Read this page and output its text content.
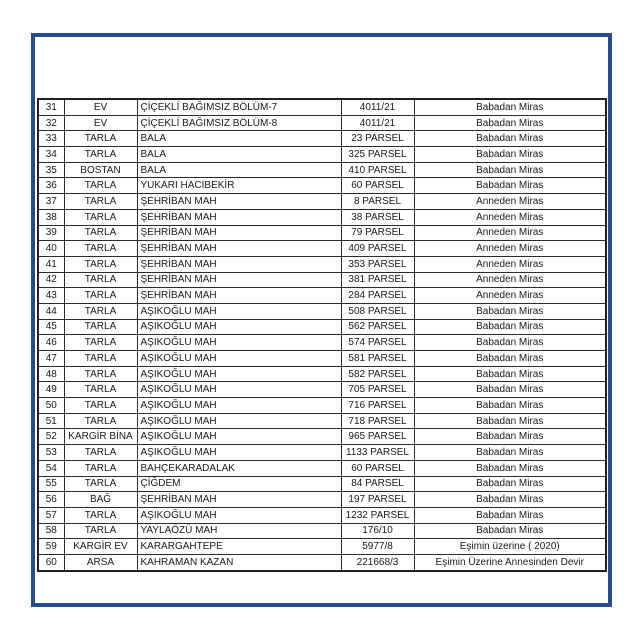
31	EV	ÇİÇEKLİ BAĞIMSIZ BÖLÜM-7	4011/21	Babadan Miras
32	EV	ÇİÇEKLİ BAĞIMSIZ BÖLÜM-8	4011/21	Babadan Miras
33	TARLA	BALA	23 PARSEL	Babadan Miras
34	TARLA	BALA	325 PARSEL	Babadan Miras
35	BOSTAN	BALA	410 PARSEL	Babadan Miras
36	TARLA	YUKARI HACIBEKİR	60 PARSEL	Babadan Miras
37	TARLA	ŞEHRİBAN MAH	8 PARSEL	Anneden Miras
38	TARLA	ŞEHRİBAN MAH	38 PARSEL	Anneden Miras
39	TARLA	ŞEHRİBAN MAH	79 PARSEL	Anneden Miras
40	TARLA	ŞEHRİBAN MAH	409 PARSEL	Anneden Miras
41	TARLA	ŞEHRİBAN MAH	353 PARSEL	Anneden Miras
42	TARLA	ŞEHRİBAN MAH	381 PARSEL	Anneden Miras
43	TARLA	ŞEHRİBAN MAH	284 PARSEL	Anneden Miras
44	TARLA	AŞIKOĞLU MAH	508 PARSEL	Babadan Miras
45	TARLA	AŞIKOĞLU MAH	562 PARSEL	Babadan Miras
46	TARLA	AŞIKOĞLU MAH	574 PARSEL	Babadan Miras
47	TARLA	AŞIKOĞLU MAH	581 PARSEL	Babadan Miras
48	TARLA	AŞIKOĞLU MAH	582 PARSEL	Babadan Miras
49	TARLA	AŞIKOĞLU MAH	705 PARSEL	Babadan Miras
50	TARLA	AŞIKOĞLU MAH	716 PARSEL	Babadan Miras
51	TARLA	AŞIKOĞLU MAH	718 PARSEL	Babadan Miras
52	KARGİR BİNA	AŞIKOĞLU MAH	965 PARSEL	Babadan Miras
53	TARLA	AŞIKOĞLU MAH	1133 PARSEL	Babadan Miras
54	TARLA	BAHÇEKARADALAK	60 PARSEL	Babadan Miras
55	TARLA	ÇİĞDEM	84 PARSEL	Babadan Miras
56	BAĞ	ŞEHRİBAN MAH	197 PARSEL	Babadan Miras
57	TARLA	AŞIKOĞLU MAH	1232 PARSEL	Babadan Miras
58	TARLA	YAYLAÖZÜ MAH	176/10	Babadan Miras
59	KARGİR EV	KARARGAHTEPE	5977/8	Eşimin üzerine ( 2020)
60	ARSA	KAHRAMAN KAZAN	221668/3	Eşimin Üzerine Annesinden Devir
